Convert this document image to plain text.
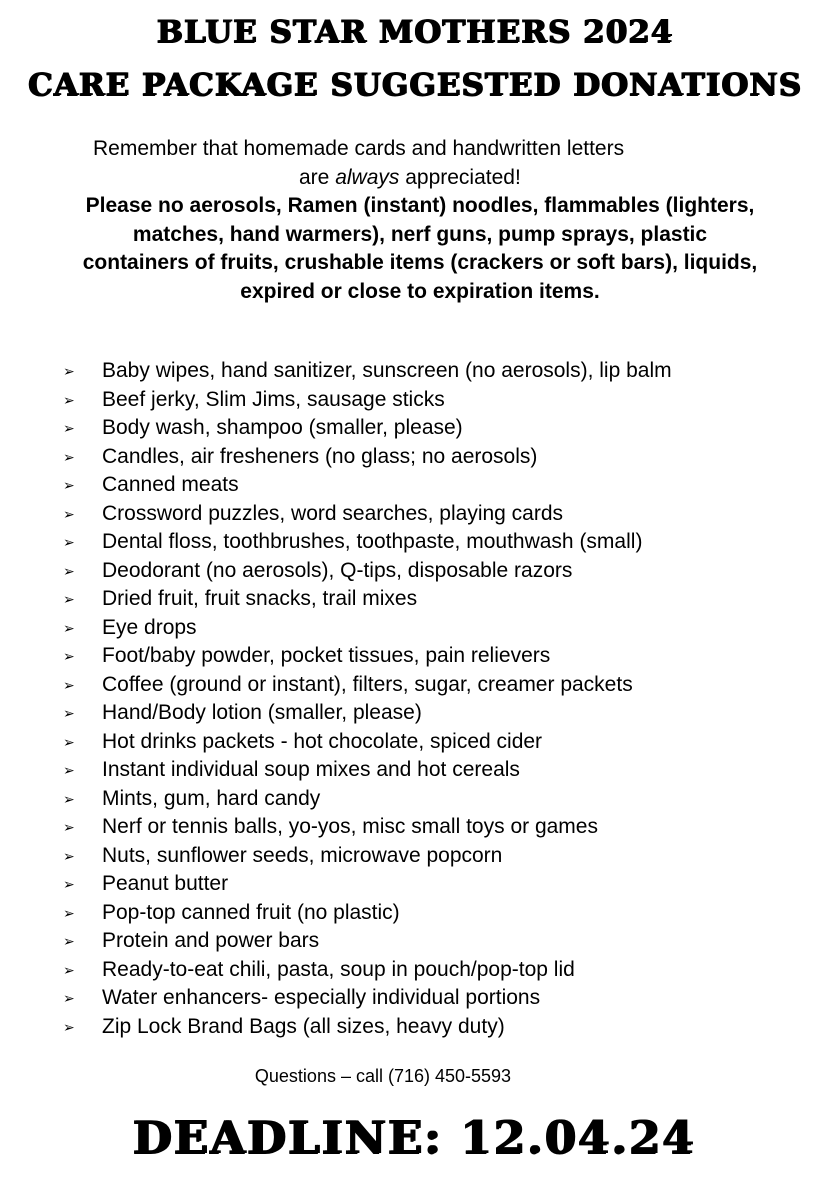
BLUE STAR MOTHERS 2024
CARE PACKAGE SUGGESTED DONATIONS
Remember that homemade cards and handwritten letters
are always appreciated!
Please no aerosols, Ramen (instant) noodles, flammables (lighters, matches, hand warmers), nerf guns, pump sprays, plastic containers of fruits, crushable items (crackers or soft bars), liquids, expired or close to expiration items.
➢ Baby wipes, hand sanitizer, sunscreen (no aerosols), lip balm
➢ Beef jerky, Slim Jims, sausage sticks
➢ Body wash, shampoo (smaller, please)
➢ Candles, air fresheners (no glass; no aerosols)
➢ Canned meats
➢ Crossword puzzles, word searches, playing cards
➢ Dental floss, toothbrushes, toothpaste, mouthwash (small)
➢ Deodorant (no aerosols), Q-tips, disposable razors
➢ Dried fruit, fruit snacks, trail mixes
➢ Eye drops
➢ Foot/baby powder, pocket tissues, pain relievers
➢ Coffee (ground or instant), filters, sugar, creamer packets
➢ Hand/Body lotion (smaller, please)
➢ Hot drinks packets - hot chocolate, spiced cider
➢ Instant individual soup mixes and hot cereals
➢ Mints, gum, hard candy
➢ Nerf or tennis balls, yo-yos, misc small toys or games
➢ Nuts, sunflower seeds, microwave popcorn
➢ Peanut butter
➢ Pop-top canned fruit (no plastic)
➢ Protein and power bars
➢ Ready-to-eat chili, pasta, soup in pouch/pop-top lid
➢ Water enhancers- especially individual portions
➢ Zip Lock Brand Bags (all sizes, heavy duty)
Questions – call (716) 450-5593
DEADLINE: 12.04.24
